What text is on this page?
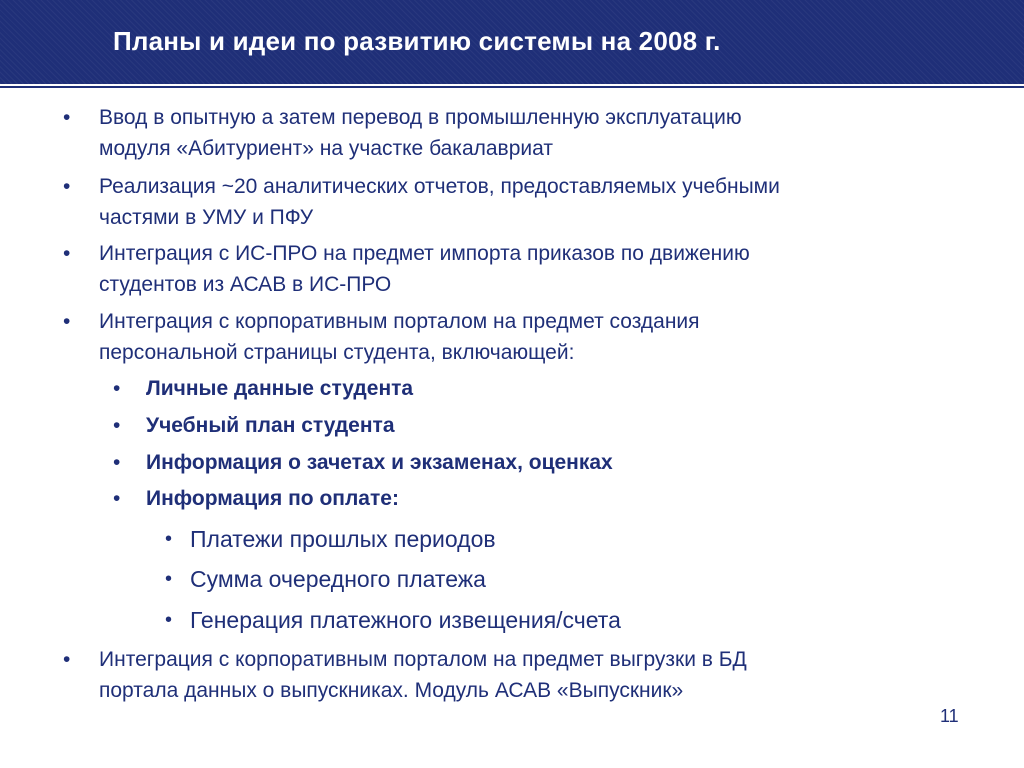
Планы и идеи по развитию системы на 2008 г.
•	Ввод в опытную а затем перевод в промышленную эксплуатацию
модуля «Абитуриент» на участке бакалавриат
•	Реализация ~20 аналитических отчетов, предоставляемых учебными
частями в УМУ и ПФУ
•	Интеграция с ИС-ПРО на предмет импорта приказов по движению
студентов из АСАВ в ИС-ПРО
•	Интеграция с корпоративным порталом на предмет создания
персональной страницы студента, включающей:
• Личные данные студента
• Учебный план студента
• Информация о зачетах и экзаменах, оценках
• Информация по оплате:
• Платежи прошлых периодов
• Сумма очередного платежа
• Генерация платежного извещения/счета
•	Интеграция с корпоративным порталом на предмет выгрузки в БД
портала данных о выпускниках. Модуль АСАВ «Выпускник»
11
